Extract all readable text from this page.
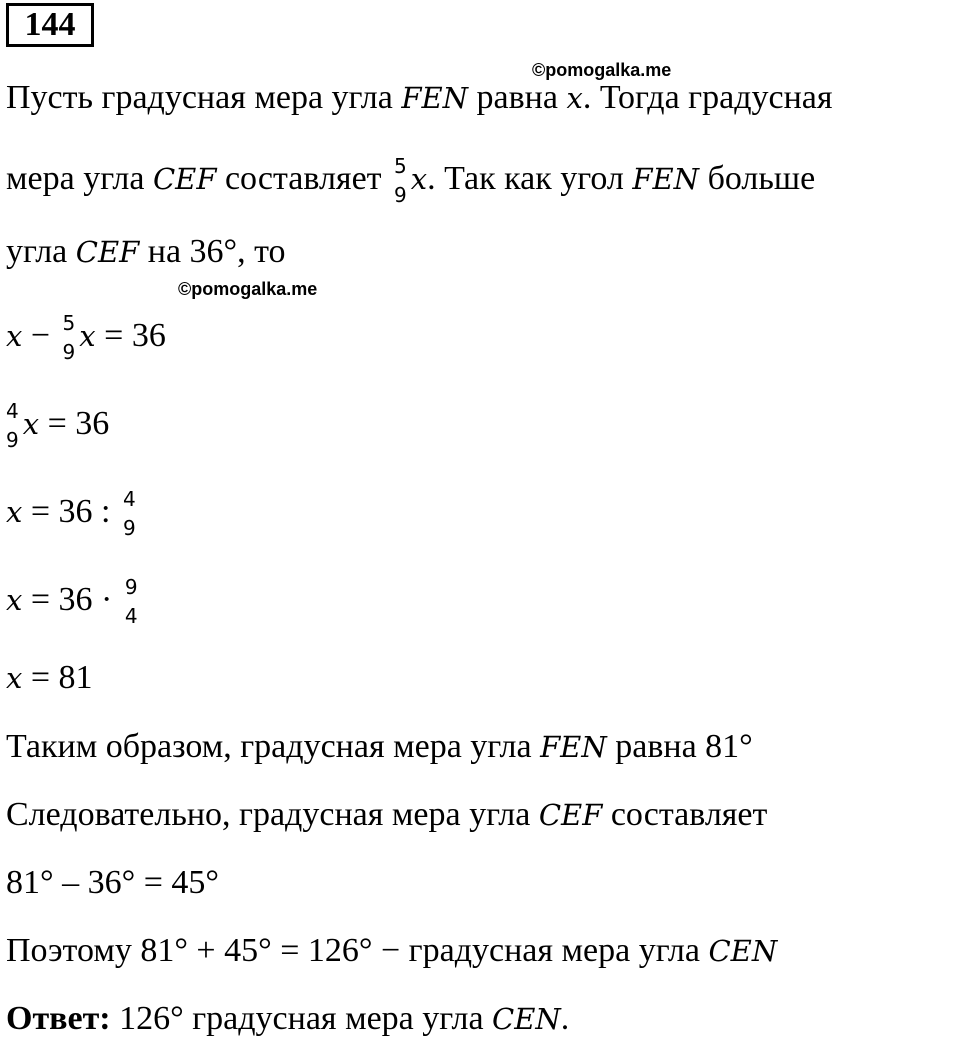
144
©pomogalka.me
©pomogalka.me
Пусть градусная мера угла FEN равна x. Тогда градусная
мера угла CEF составляет 5
9 x. Так как угол FEN больше
угла CEF на 36°, то
x − 5
9 x = 36
4
9 x = 36
x = 36 : 4
9
x = 36 · 9
4
x = 81
Таким образом, градусная мера угла FEN равна 81°
Следовательно, градусная мера угла CEF составляет
81° – 36° = 45°
Поэтому 81° + 45° = 126° − градусная мера угла CEN
Ответ: 126° градусная мера угла CEN.
